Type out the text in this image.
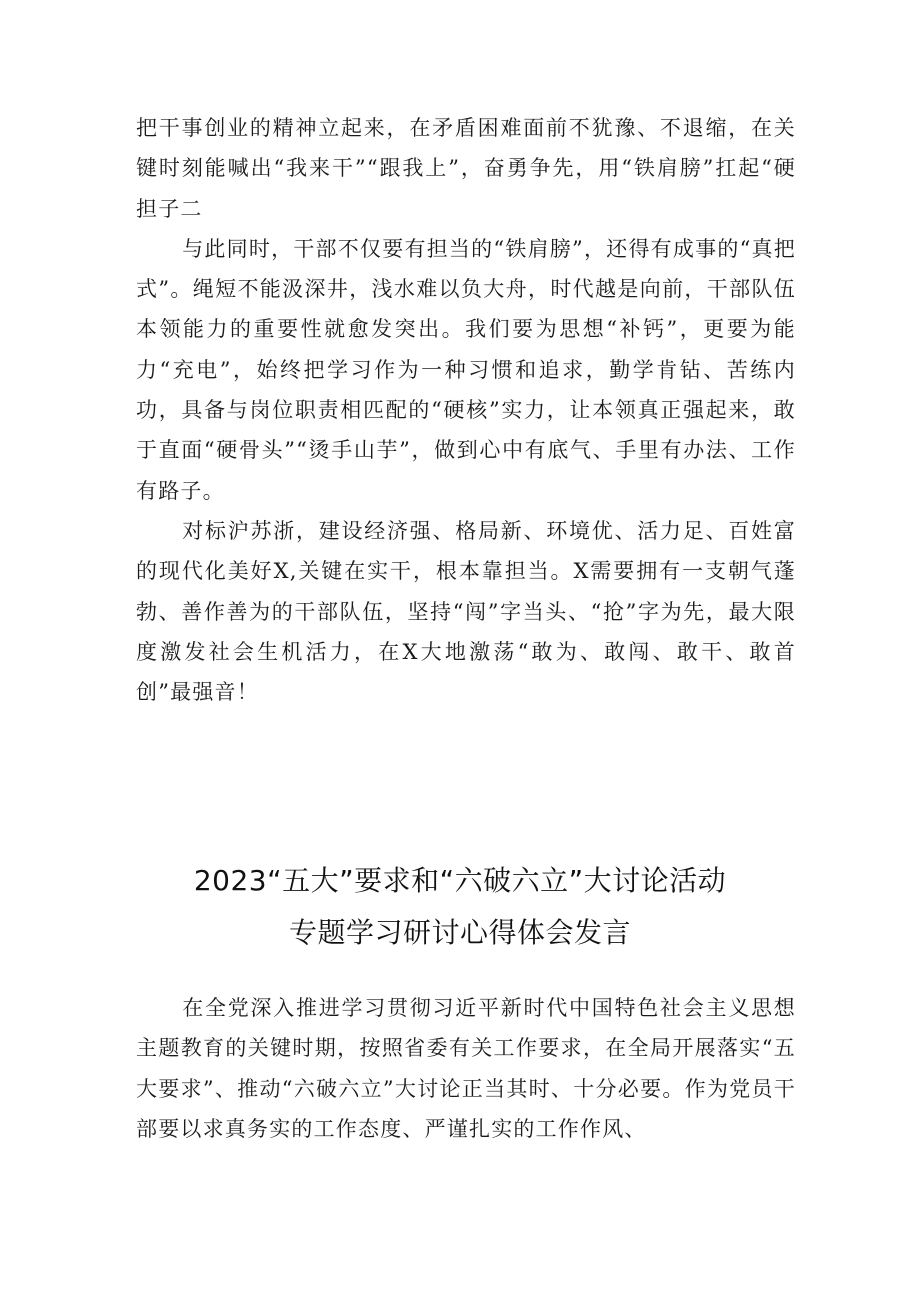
把干事创业的精神立起来，在矛盾困难面前不犹豫、不退缩，在关键时刻能喊出“我来干”“跟我上”，奋勇争先，用“铁肩膀”扛起“硬担子二

与此同时，干部不仅要有担当的“铁肩膀”，还得有成事的“真把式”。绳短不能汲深井，浅水难以负大舟，时代越是向前，干部队伍本领能力的重要性就愈发突出。我们要为思想“补钙”，更要为能力“充电”，始终把学习作为一种习惯和追求，勤学肯钻、苦练内功，具备与岗位职责相匹配的“硬核”实力，让本领真正强起来，敢于直面“硬骨头”“烫手山芋”，做到心中有底气、手里有办法、工作有路子。

对标沪苏浙，建设经济强、格局新、环境优、活力足、百姓富的现代化美好X,关键在实干，根本靠担当。X需要拥有一支朝气蓬勃、善作善为的干部队伍，坚持“闯”字当头、“抢”字为先，最大限度激发社会生机活力，在X大地激荡“敢为、敢闯、敢干、敢首创”最强音！

2023“五大”要求和“六破六立”大讨论活动
专题学习研讨心得体会发言

在全党深入推进学习贯彻习近平新时代中国特色社会主义思想主题教育的关键时期，按照省委有关工作要求，在全局开展落实“五大要求”、推动“六破六立”大讨论正当其时、十分必要。作为党员干部要以求真务实的工作态度、严谨扎实的工作作风、
